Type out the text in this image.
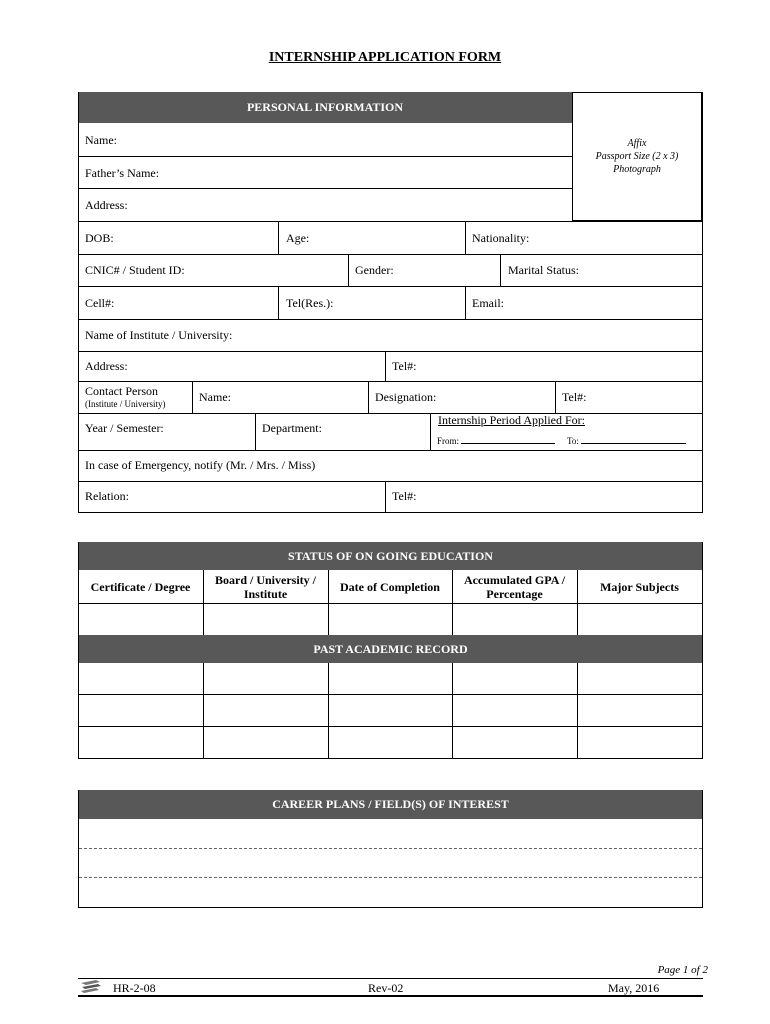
INTERNSHIP APPLICATION FORM
PERSONAL INFORMATION
Affix
Passport Size (2 x 3)
Photograph
Name:
Father’s Name:
Address:
DOB:	Age:	Nationality:
CNIC# / Student ID:	Gender:	Marital Status:
Cell#:	Tel(Res.):	Email:
Name of Institute / University:
Address:	Tel#:
Contact Person
(Institute / University)	Name:	Designation:	Tel#:
Year / Semester:	Department:
Internship Period Applied For:
From:	To:
In case of Emergency, notify (Mr. / Mrs. / Miss)
Relation:	Tel#:
STATUS OF ON GOING EDUCATION
PAST ACADEMIC RECORD
Certificate / Degree	Board / University / Institute	Date of Completion	Accumulated GPA / Percentage	Major Subjects
CAREER PLANS / FIELD(S) OF INTEREST
Page 1 of 2
HR-2-08	Rev-02	May, 2016
